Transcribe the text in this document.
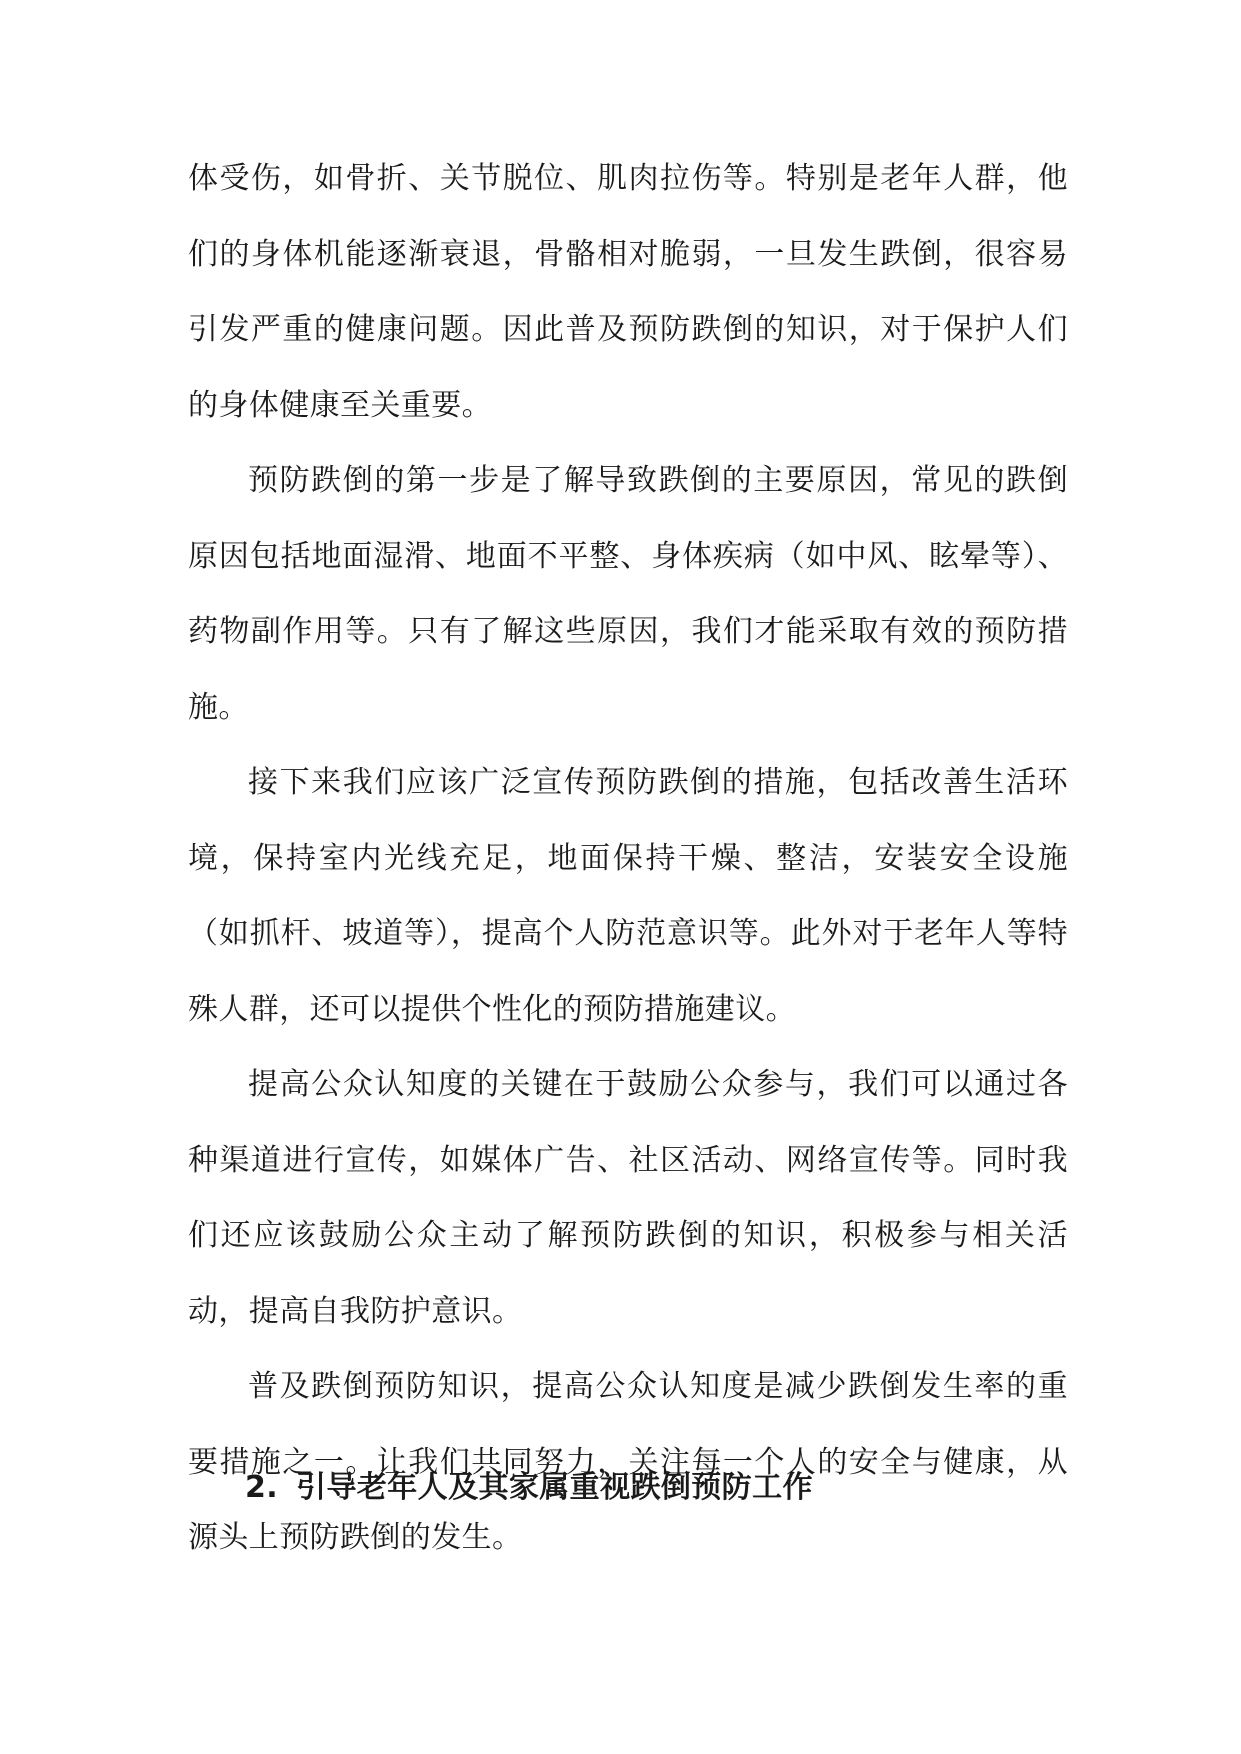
体受伤，如骨折、关节脱位、肌肉拉伤等。特别是老年人群，他们的身体机能逐渐衰退，骨骼相对脆弱，一旦发生跌倒，很容易引发严重的健康问题。因此普及预防跌倒的知识，对于保护人们的身体健康至关重要。

预防跌倒的第一步是了解导致跌倒的主要原因，常见的跌倒原因包括地面湿滑、地面不平整、身体疾病（如中风、眩晕等）、药物副作用等。只有了解这些原因，我们才能采取有效的预防措施。

接下来我们应该广泛宣传预防跌倒的措施，包括改善生活环境，保持室内光线充足，地面保持干燥、整洁，安装安全设施（如抓杆、坡道等），提高个人防范意识等。此外对于老年人等特殊人群，还可以提供个性化的预防措施建议。

提高公众认知度的关键在于鼓励公众参与，我们可以通过各种渠道进行宣传，如媒体广告、社区活动、网络宣传等。同时我们还应该鼓励公众主动了解预防跌倒的知识，积极参与相关活动，提高自我防护意识。

普及跌倒预防知识，提高公众认知度是减少跌倒发生率的重要措施之一。让我们共同努力，关注每一个人的安全与健康，从源头上预防跌倒的发生。

2. 引导老年人及其家属重视跌倒预防工作
